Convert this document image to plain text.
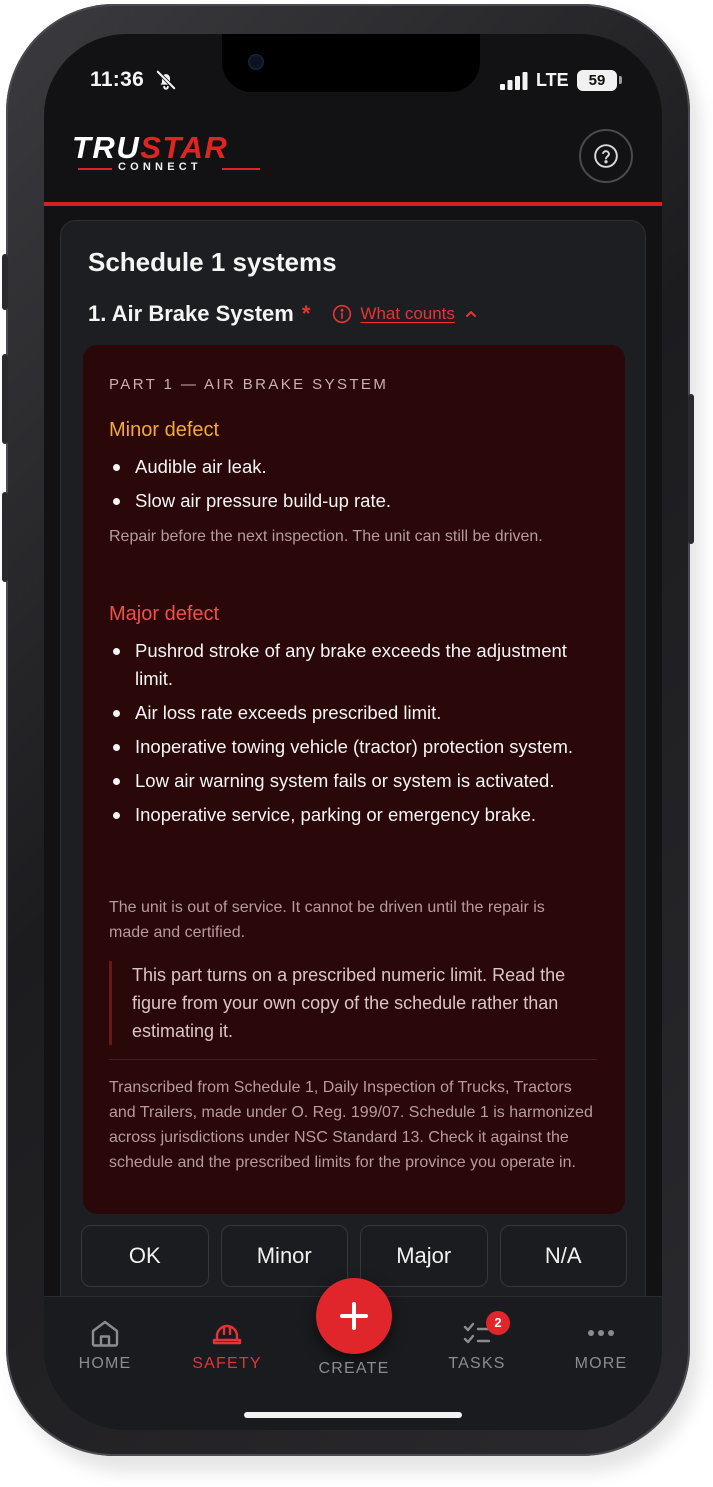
11:36	LTE	59
TRUSTAR
CONNECT
Schedule 1 systems
1. Air Brake System *	What counts
PART 1 — AIR BRAKE SYSTEM
Minor defect
Audible air leak.
Slow air pressure build-up rate.
Repair before the next inspection. The unit can still be driven.
Major defect
Pushrod stroke of any brake exceeds the adjustment limit.
Air loss rate exceeds prescribed limit.
Inoperative towing vehicle (tractor) protection system.
Low air warning system fails or system is activated.
Inoperative service, parking or emergency brake.
The unit is out of service. It cannot be driven until the repair is made and certified.
This part turns on a prescribed numeric limit. Read the figure from your own copy of the schedule rather than estimating it.
Transcribed from Schedule 1, Daily Inspection of Trucks, Tractors and Trailers, made under O. Reg. 199/07. Schedule 1 is harmonized across jurisdictions under NSC Standard 13. Check it against the schedule and the prescribed limits for the province you operate in.
OK	Minor	Major	N/A
HOME	SAFETY
2
TASKS	MORE
CREATE
